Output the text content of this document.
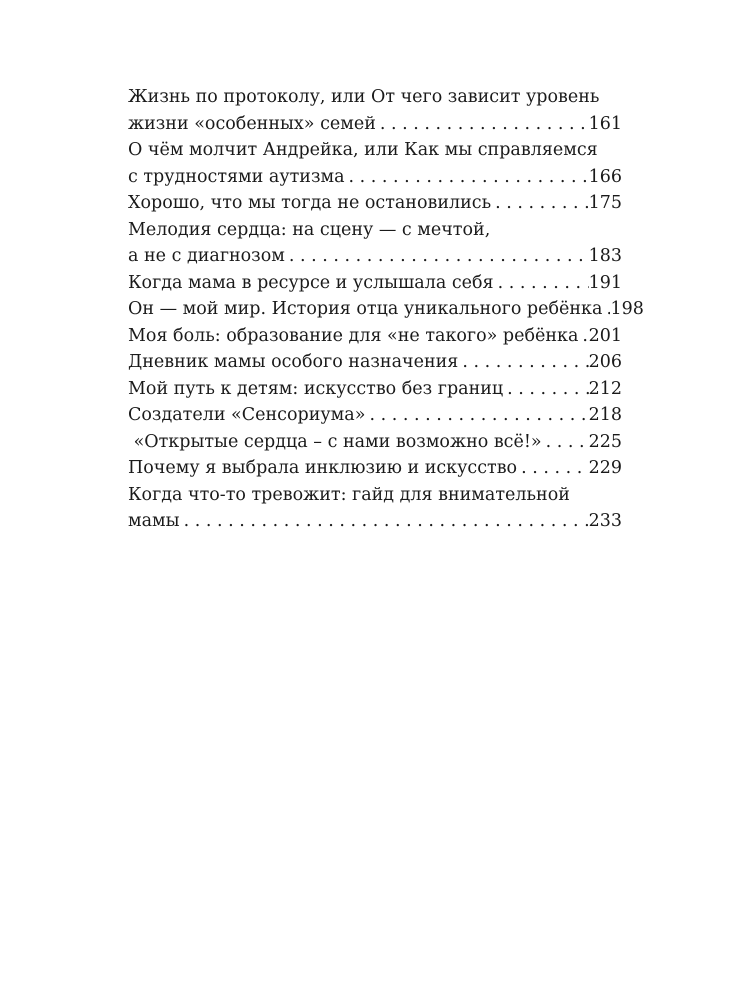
Жизнь по протоколу, или От чего зависит уровень
жизни «особенных» семей . . .	161
О чём молчит Андрейка, или Как мы справляемся
с трудностями аутизма . . .	166
Хорошо, что мы тогда не остановились . . .	175
Мелодия сердца: на сцену — с мечтой,
а не с диагнозом . . .	183
Когда мама в ресурсе и услышала себя . . .	191
Он — мой мир. История отца уникального ребёнка . . . 198
Моя боль: образование для «не такого» ребёнка . . . 201
Дневник мамы особого назначения . . .	206
Мой путь к детям: искусство без границ . . .	212
Создатели «Сенсориума» . . .	218
«Открытые сердца – с нами возможно всё!» . . .	225
Почему я выбрала инклюзию и искусство . . .	229
Когда что-то тревожит: гайд для внимательной
мамы . . .	233
